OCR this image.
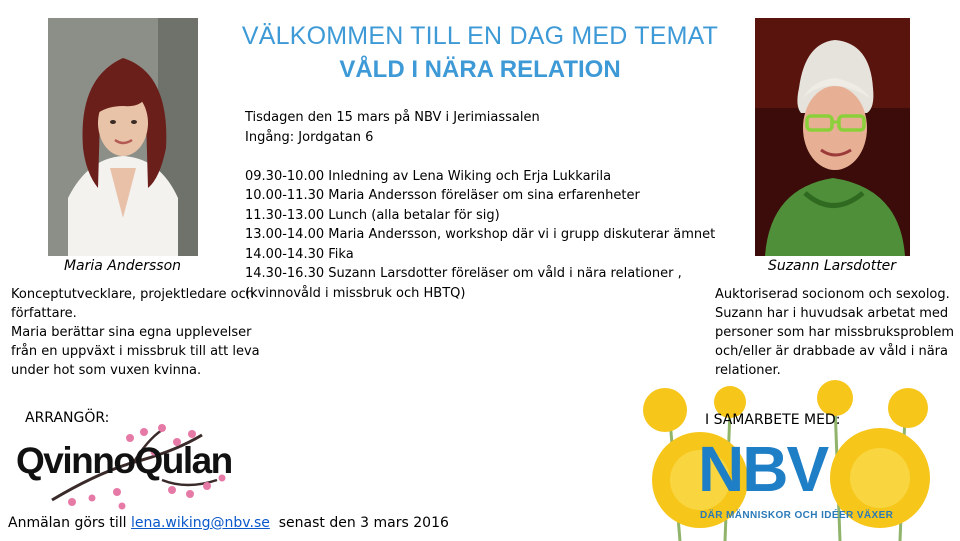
VÄLKOMMEN TILL EN DAG MED TEMAT
VÅLD I NÄRA RELATION
Maria Andersson
Konceptutvecklare, projektledare och författare.
Maria berättar sina egna upplevelser från en uppväxt i missbruk till att leva under hot som vuxen kvinna.
Suzann Larsdotter
Auktoriserad socionom och sexolog. Suzann har i huvudsak arbetat med personer som har missbruksproblem och/eller är drabbade av våld i nära relationer.
Tisdagen den 15 mars på NBV i Jerimiassalen
Ingång: Jordgatan 6
09.30-10.00 Inledning av Lena Wiking och Erja Lukkarila
10.00-11.30 Maria Andersson föreläser om sina erfarenheter
11.30-13.00 Lunch (alla betalar för sig)
13.00-14.00 Maria Andersson, workshop där vi i grupp diskuterar ämnet
14.00-14.30 Fika
14.30-16.30 Suzann Larsdotter föreläser om våld i nära relationer ,
(kvinnovåld i missbruk och HBTQ)
ARRANGÖR:
QvinnoQulan
Anmälan görs till lena.wiking@nbv.se  senast den 3 mars 2016
I SAMARBETE MED:
NBV
DÄR MÄNNISKOR OCH IDÉER VÄXER
